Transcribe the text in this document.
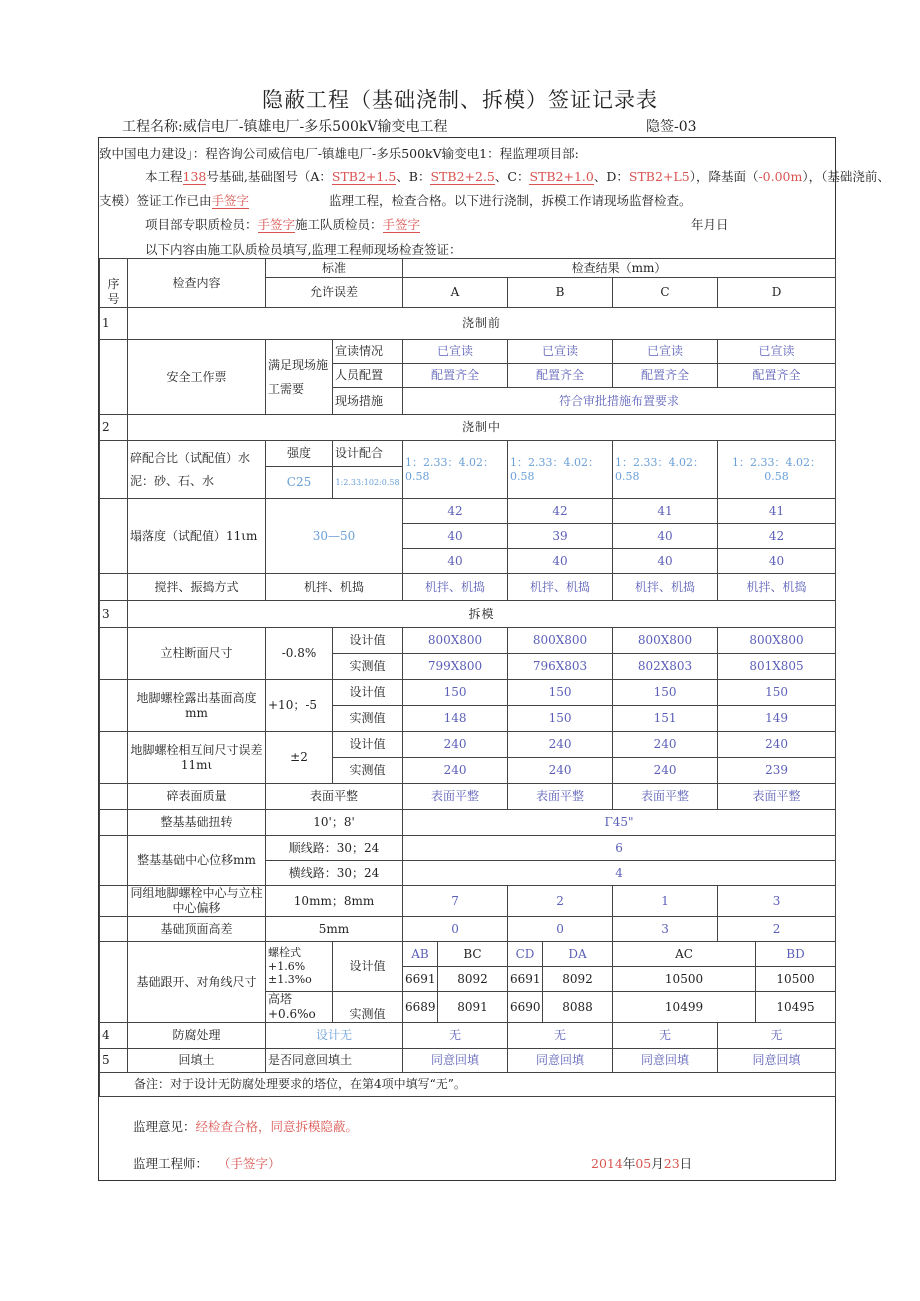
隐蔽工程（基础浇制、拆模）签证记录表
工程名称:威信电厂-镇雄电厂-多乐500kV输变电工程	隐签-03
致中国电力建设」：程咨询公司威信电厂-镇雄电厂-多乐500kV输变电1：程监理项目部:
本工程138号基础,基础图号（A：STB2+1.5、B：STB2+2.5、C：STB2+1.0、D：STB2+L5），降基面（-0.00m），（基础浇前、
支模）签证工作已由手签字	监理工程，检查合格。以下进行浇制，拆模工作请现场监督检查。
项目部专职质检员：手签字施工队质检员：手签字	年月日
以下内容由施工队质检员填写,监理工程师现场检查签证：
序号	检查内容	标准		检查结果（mm）						
		允许误差		A		B		C	D	
1	浇制前									
	安全工作票	满足现场施工需要	宣读情况	已宣读		已宣读		已宣读	已宣读	
			人员配置	配置齐全		配置齐全		配置齐全	配置齐全	
			现场措施	符合审批措施布置要求						
2	浇制中									
	碎配合比（试配值）水泥：砂、石、水	强度	设计配合	1：2.33：4.02：0.58		1：2.33：4.02：0.58		1：2.33：4.02：0.58	1：2.33：4.02：0.58	
		C25	1:2.33:102:0.58							
	塌落度（试配值）11ιm	30—50		42		42		41	41	
				40		39		40	42	
				40		40		40	40	
	搅拌、振捣方式	机拌、机捣		机拌、机捣		机拌、机捣		机拌、机捣	机拌、机捣	
3	拆模									
	立柱断面尺寸	-0.8%	设计值	800X800		800X800		800X800	800X800	
			实测值	799X800		796X803		802X803	801X805	
	地脚螺栓露出基面高度mm	+10；-5	设计值	150		150		150	150	
			实测值	148		150		151	149	
	地脚螺栓相互间尺寸误差11mι	±2	设计值	240		240		240	240	
			实测值	240		240		240	239	
	碎表面质量	表面平整		表面平整		表面平整		表面平整	表面平整	
	整基基础扭转	10'；8'		Γ45"						
	整基基础中心位移mm	顺线路：30；24		6						
		横线路：30；24		4						
	同组地脚螺栓中心与立柱中心偏移	10mm；8mm		7		2		1	3	
	基础顶面高差	5mm		0		0		3	2	
	基础跟开、对角线尺寸	螺栓式+1.6%±1.3%o	设计值	AB	BC	CD	DA	AC		BD
				6691	8092	6691	8092	10500		10500
		高塔+0.6%o	实测值	6689	8091	6690	8088	10499		10495
4	防腐处理	设计无		无		无		无	无	
5	回填土	是否同意回填土		同意回填		同意回填		同意回填	同意回填	
备注：对于设计无防腐处理要求的塔位，在第4项中填写“无”。										
监理意见：经检查合格，同意拆模隐蔽。
监理工程师： （手签字）	2014年05月23日
